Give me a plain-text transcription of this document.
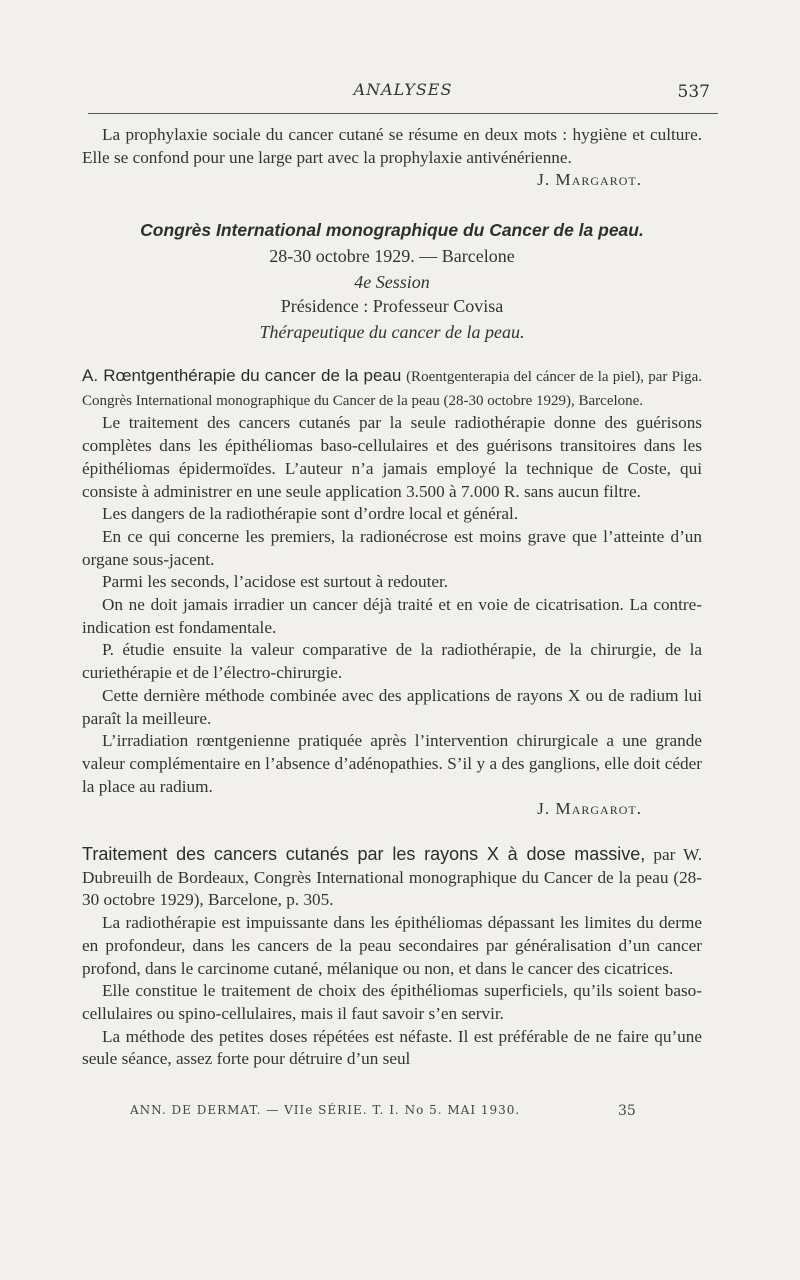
ANALYSES	537

La prophylaxie sociale du cancer cutané se résume en deux mots : hygiène et culture. Elle se confond pour une large part avec la prophylaxie antivénérienne.

J. Margarot.
Congrès International monographique du Cancer de la peau.
28-30 octobre 1929. — Barcelone
4e Session
Présidence : Professeur Covisa
Thérapeutique du cancer de la peau.

A. Rœntgenthérapie du cancer de la peau (Roentgenterapia del cáncer de la piel), par Piga. Congrès International monographique du Cancer de la peau (28-30 octobre 1929), Barcelone.

Le traitement des cancers cutanés par la seule radiothérapie donne des guérisons complètes dans les épithéliomas baso-cellulaires et des guérisons transitoires dans les épithéliomas épidermoïdes. L’auteur n’a jamais employé la technique de Coste, qui consiste à administrer en une seule application 3.500 à 7.000 R. sans aucun filtre.

Les dangers de la radiothérapie sont d’ordre local et général.

En ce qui concerne les premiers, la radionécrose est moins grave que l’atteinte d’un organe sous-jacent.

Parmi les seconds, l’acidose est surtout à redouter.

On ne doit jamais irradier un cancer déjà traité et en voie de cicatrisation. La contre-indication est fondamentale.

P. étudie ensuite la valeur comparative de la radiothérapie, de la chirurgie, de la curiethérapie et de l’électro-chirurgie.

Cette dernière méthode combinée avec des applications de rayons X ou de radium lui paraît la meilleure.

L’irradiation rœntgenienne pratiquée après l’intervention chirurgicale a une grande valeur complémentaire en l’absence d’adénopathies. S’il y a des ganglions, elle doit céder la place au radium.

J. Margarot.

Traitement des cancers cutanés par les rayons X à dose massive, par W. Dubreuilh de Bordeaux, Congrès International monographique du Cancer de la peau (28-30 octobre 1929), Barcelone, p. 305.

La radiothérapie est impuissante dans les épithéliomas dépassant les limites du derme en profondeur, dans les cancers de la peau secondaires par généralisation d’un cancer profond, dans le carcinome cutané, mélanique ou non, et dans le cancer des cicatrices.

Elle constitue le traitement de choix des épithéliomas superficiels, qu’ils soient baso-cellulaires ou spino-cellulaires, mais il faut savoir s’en servir.

La méthode des petites doses répétées est néfaste. Il est préférable de ne faire qu’une seule séance, assez forte pour détruire d’un seul

ANN. DE DERMAT. — VIIe SÉRIE. T. I. No 5. MAI 1930.	35
